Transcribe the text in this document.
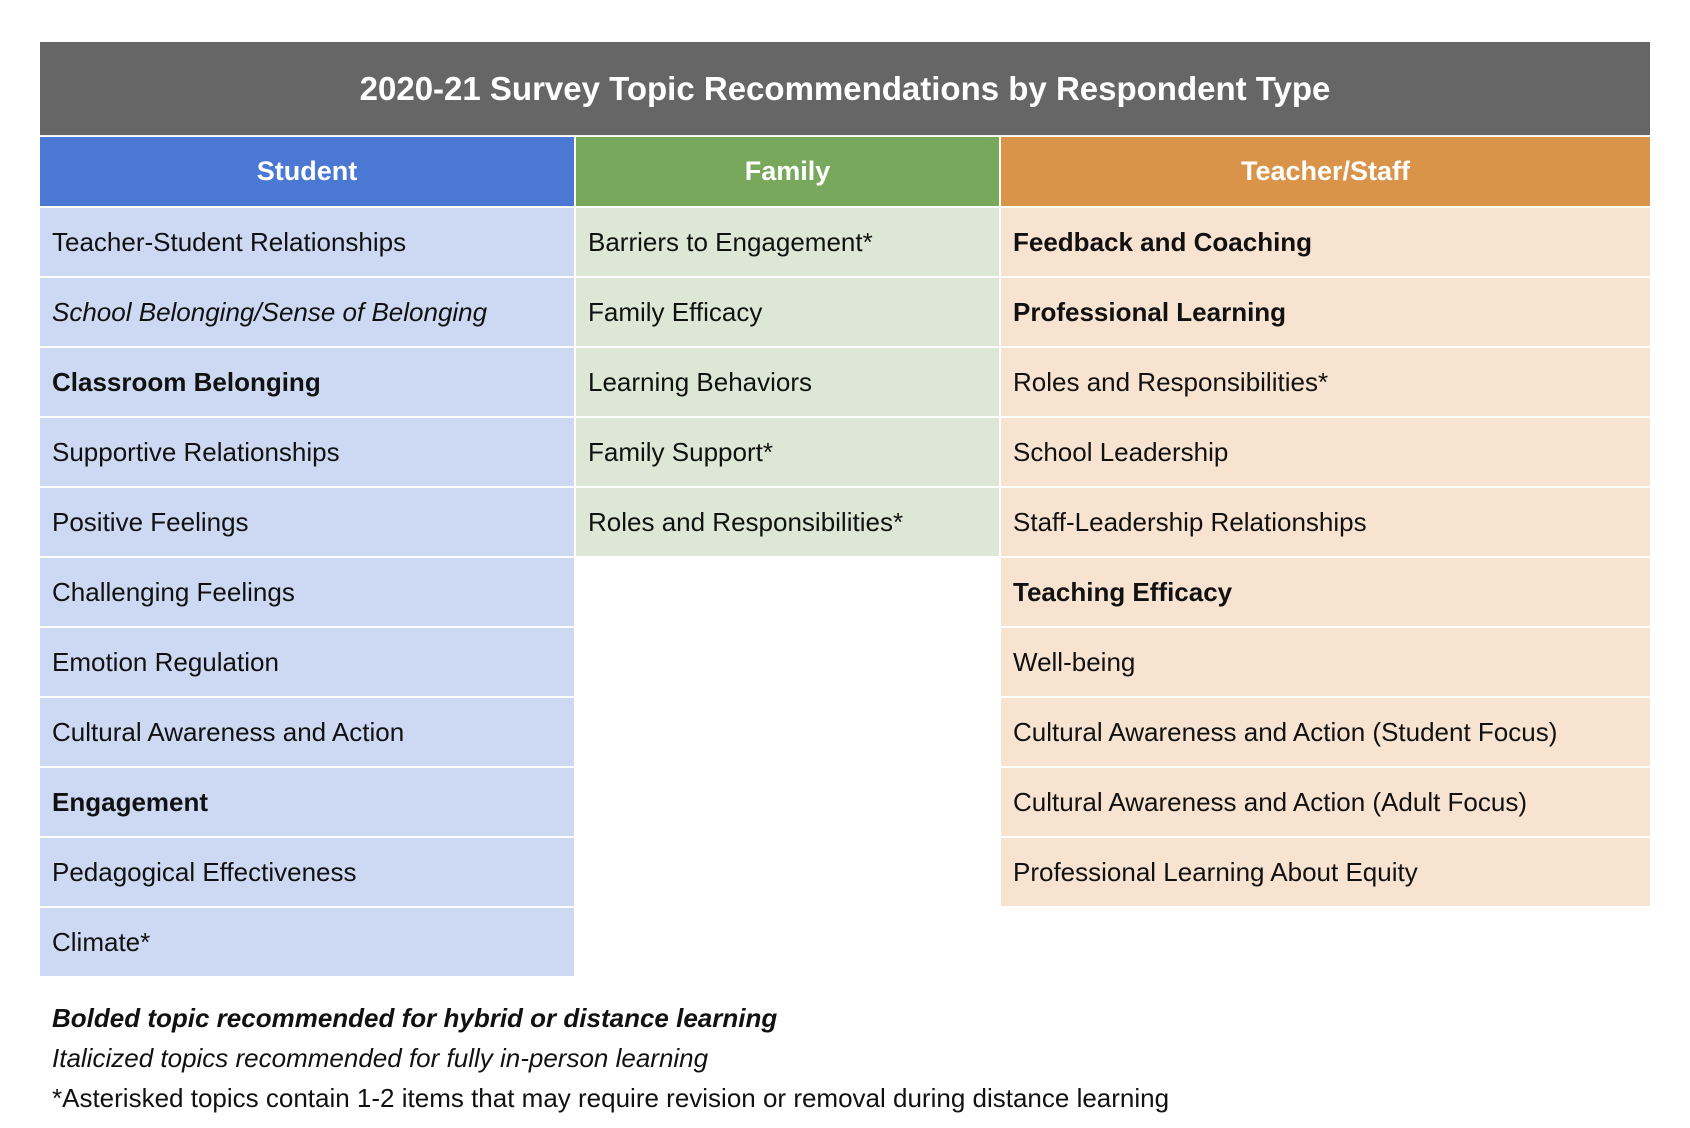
2020-21 Survey Topic Recommendations by Respondent Type
Student
Teacher-Student Relationships
School Belonging/Sense of Belonging
Classroom Belonging
Supportive Relationships
Positive Feelings
Challenging Feelings
Emotion Regulation
Cultural Awareness and Action
Engagement
Pedagogical Effectiveness
Climate*
Family
Barriers to Engagement*
Family Efficacy
Learning Behaviors
Family Support*
Roles and Responsibilities*
Teacher/Staff
Feedback and Coaching
Professional Learning
Roles and Responsibilities*
School Leadership
Staff-Leadership Relationships
Teaching Efficacy
Well-being
Cultural Awareness and Action (Student Focus)
Cultural Awareness and Action (Adult Focus)
Professional Learning About Equity
Bolded topic recommended for hybrid or distance learning
Italicized topics recommended for fully in-person learning
*Asterisked topics contain 1-2 items that may require revision or removal during distance learning
